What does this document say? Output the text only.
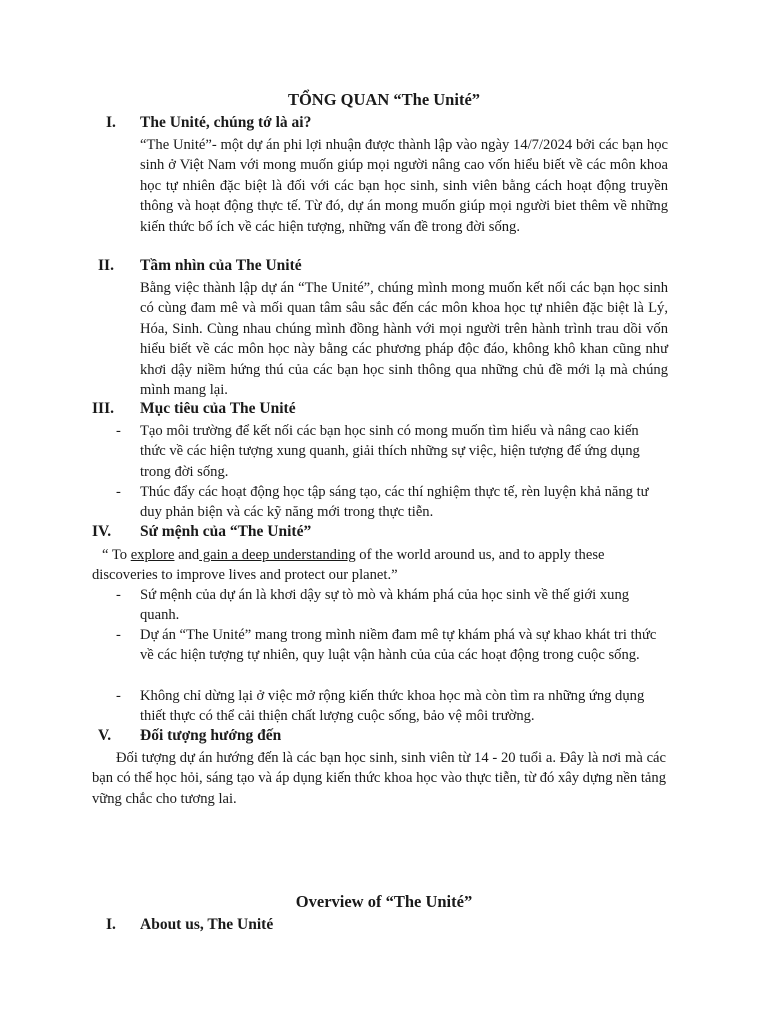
TỔNG QUAN “The Unité”
I. The Unité, chúng tớ là ai?
“The Unité”- một dự án phi lợi nhuận được thành lập vào ngày 14/7/2024 bởi các bạn học sinh ở Việt Nam với mong muốn giúp mọi người nâng cao vốn hiểu biết về các môn khoa học tự nhiên đặc biệt là đối với các bạn học sinh, sinh viên bằng cách hoạt động truyền thông và hoạt động thực tế. Từ đó, dự án mong muốn giúp mọi người biet thêm về những kiến thức bổ ích về các hiện tượng, những vấn đề trong đời sống.
II. Tầm nhìn của The Unité
Bằng việc thành lập dự án “The Unité”, chúng mình mong muốn kết nối các bạn học sinh có cùng đam mê và mối quan tâm sâu sắc đến các môn khoa học tự nhiên đặc biệt là Lý, Hóa, Sinh. Cùng nhau chúng mình đồng hành với mọi người trên hành trình trau dồi vốn hiểu biết về các môn học này bằng các phương pháp độc đáo, không khô khan cũng như khơi dậy niềm hứng thú của các bạn học sinh thông qua những chủ đề mới lạ mà chúng mình mang lại.
III. Mục tiêu của The Unité
- Tạo môi trường để kết nối các bạn học sinh có mong muốn tìm hiểu và nâng cao kiến thức về các hiện tượng xung quanh, giải thích những sự việc, hiện tượng để ứng dụng trong đời sống.
- Thúc đẩy các hoạt động học tập sáng tạo, các thí nghiệm thực tế, rèn luyện khả năng tư duy phản biện và các kỹ năng mới trong thực tiễn.
IV. Sứ mệnh của “The Unité”
“ To explore and gain a deep understanding of the world around us, and to apply these discoveries to improve lives and protect our planet.”
- Sứ mệnh của dự án là khơi dậy sự tò mò và khám phá của học sinh về thế giới xung quanh.
- Dự án “The Unité” mang trong mình niềm đam mê tự khám phá và sự khao khát tri thức về các hiện tượng tự nhiên, quy luật vận hành của của các hoạt động trong cuộc sống.
- Không chỉ dừng lại ở việc mở rộng kiến thức khoa học mà còn tìm ra những ứng dụng thiết thực có thể cải thiện chất lượng cuộc sống, bảo vệ môi trường.
V. Đối tượng hướng đến
Đối tượng dự án hướng đến là các bạn học sinh, sinh viên từ 14 - 20 tuổi a. Đây là nơi mà các bạn có thể học hỏi, sáng tạo và áp dụng kiến thức khoa học vào thực tiễn, từ đó xây dựng nền tảng vững chắc cho tương lai.
Overview of “The Unité”
I. About us, The Unité
